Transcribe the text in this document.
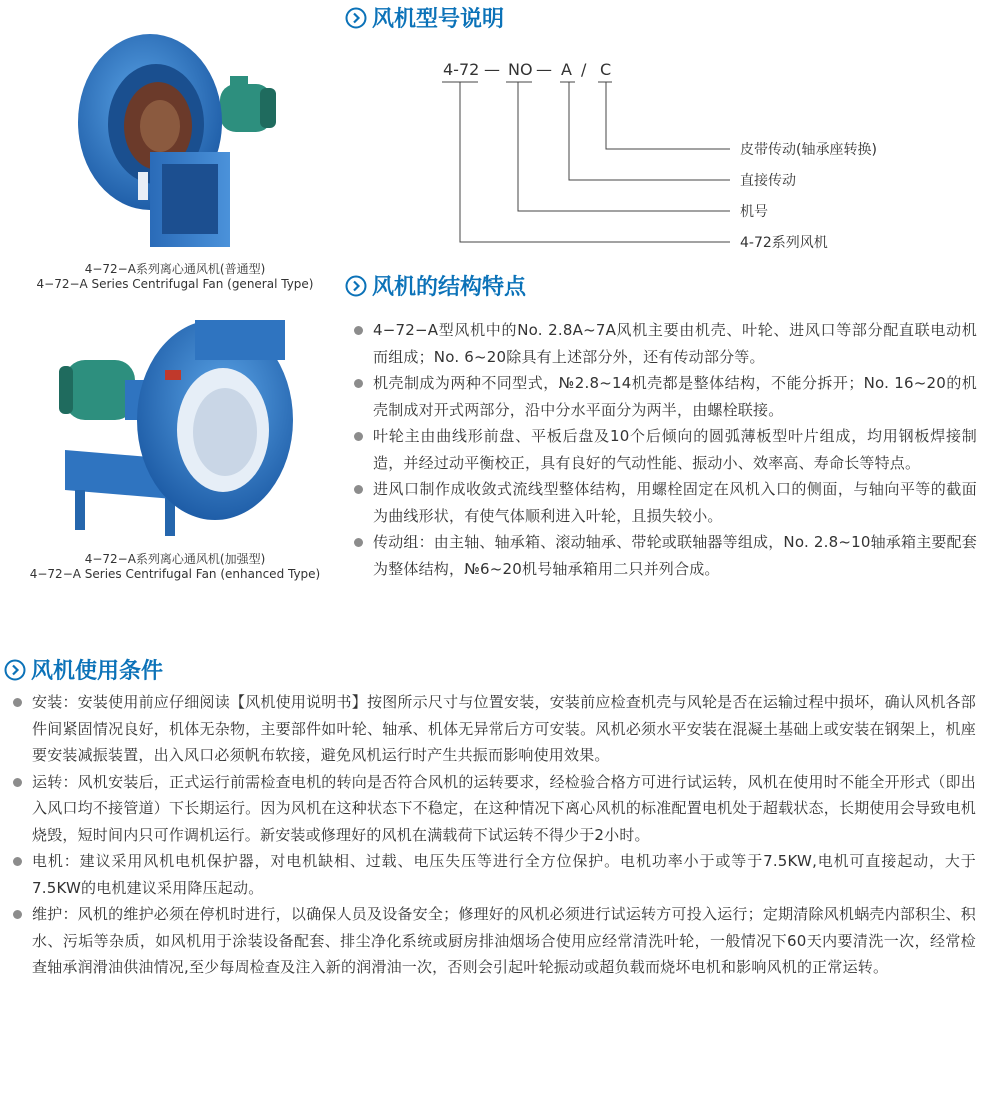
4−72−A系列离心通风机(普通型)
4−72−A Series Centrifugal Fan (general Type)
4−72−A系列离心通风机(加强型)
4−72−A Series Centrifugal Fan (enhanced Type)
风机型号说明
4-72 — NO — A / C
皮带传动(轴承座转换)
直接传动
机号
4-72系列风机
风机的结构特点
4−72−A型风机中的No. 2.8A~7A风机主要由机壳、叶轮、进风口等部分配直联电动机而组成；No. 6~20除具有上述部分外，还有传动部分等。
机壳制成为两种不同型式，№2.8~14机壳都是整体结构，不能分拆开；No. 16~20的机壳制成对开式两部分，沿中分水平面分为两半，由螺栓联接。
叶轮主由曲线形前盘、平板后盘及10个后倾向的圆弧薄板型叶片组成，均用钢板焊接制造，并经过动平衡校正，具有良好的气动性能、振动小、效率高、寿命长等特点。
进风口制作成收敛式流线型整体结构，用螺栓固定在风机入口的侧面，与轴向平等的截面为曲线形状，有使气体顺利进入叶轮，且损失较小。
传动组：由主轴、轴承箱、滚动轴承、带轮或联轴器等组成，No. 2.8~10轴承箱主要配套为整体结构，№6~20机号轴承箱用二只并列合成。
风机使用条件
安装：安装使用前应仔细阅读【风机使用说明书】按图所示尺寸与位置安装，安装前应检查机壳与风轮是否在运输过程中损坏，确认风机各部件间紧固情况良好，机体无杂物，主要部件如叶轮、轴承、机体无异常后方可安装。风机必须水平安装在混凝土基础上或安装在钢架上，机座要安装减振装置，出入风口必须帆布软接，避免风机运行时产生共振而影响使用效果。
运转：风机安装后，正式运行前需检查电机的转向是否符合风机的运转要求，经检验合格方可进行试运转，风机在使用时不能全开形式（即出入风口均不接管道）下长期运行。因为风机在这种状态下不稳定，在这种情况下离心风机的标准配置电机处于超载状态，长期使用会导致电机烧毁，短时间内只可作调机运行。新安装或修理好的风机在满载荷下试运转不得少于2小时。
电机：建议采用风机电机保护器，对电机缺相、过载、电压失压等进行全方位保护。电机功率小于或等于7.5KW,电机可直接起动，大于7.5KW的电机建议采用降压起动。
维护：风机的维护必须在停机时进行，以确保人员及设备安全；修理好的风机必须进行试运转方可投入运行；定期清除风机蜗壳内部积尘、积水、污垢等杂质，如风机用于涂装设备配套、排尘净化系统或厨房排油烟场合使用应经常清洗叶轮，一般情况下60天内要清洗一次，经常检查轴承润滑油供油情况,至少每周检查及注入新的润滑油一次，否则会引起叶轮振动或超负载而烧坏电机和影响风机的正常运转。
